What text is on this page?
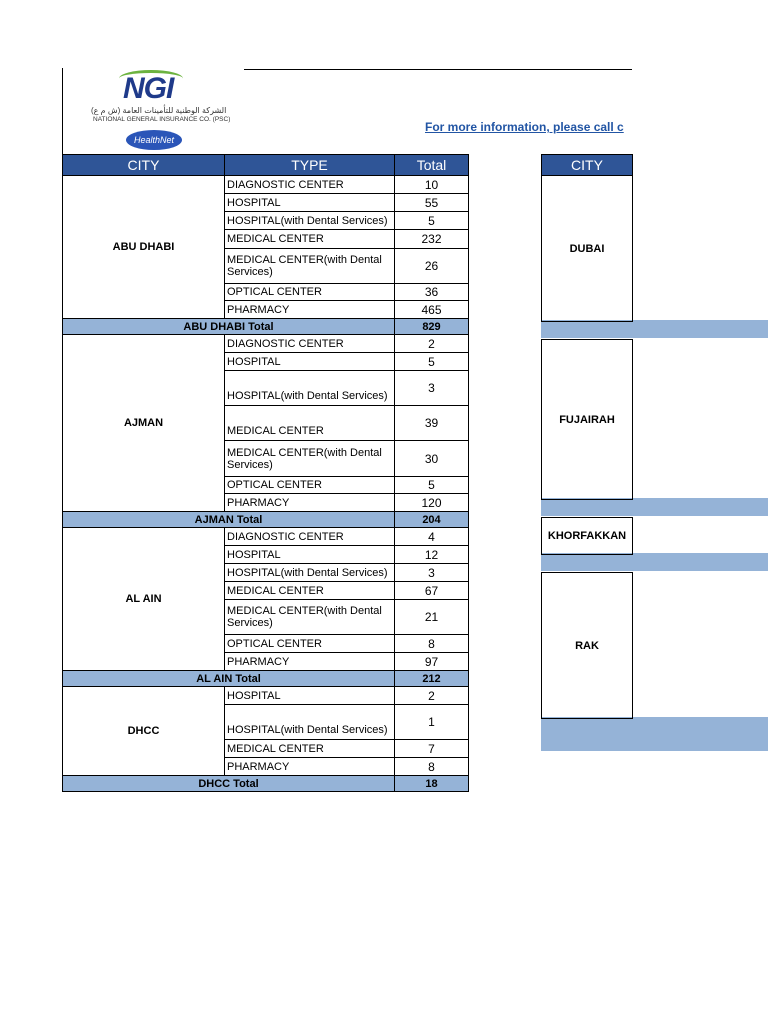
NGI
الشركة الوطنية للتأمينات العامة (ش م ع)
NATIONAL GENERAL INSURANCE CO. (PSC)
HealthNet
For more information, please call c
CITY	TYPE	Total
ABU DHABI	DIAGNOSTIC CENTER	10
	HOSPITAL	55
	HOSPITAL(with Dental Services)	5
	MEDICAL CENTER	232
	MEDICAL CENTER(with Dental Services)	26
	OPTICAL CENTER	36
	PHARMACY	465
ABU DHABI Total		829
AJMAN	DIAGNOSTIC CENTER	2
	HOSPITAL	5
	HOSPITAL(with Dental Services)	3
	MEDICAL CENTER	39
	MEDICAL CENTER(with Dental Services)	30
	OPTICAL CENTER	5
	PHARMACY	120
AJMAN Total		204
AL AIN	DIAGNOSTIC CENTER	4
	HOSPITAL	12
	HOSPITAL(with Dental Services)	3
	MEDICAL CENTER	67
	MEDICAL CENTER(with Dental Services)	21
	OPTICAL CENTER	8
	PHARMACY	97
AL AIN Total		212
DHCC	HOSPITAL	2
	HOSPITAL(with Dental Services)	1
	MEDICAL CENTER	7
	PHARMACY	8
DHCC Total		18
CITY
DUBAI

FUJAIRAH

KHORFAKKAN

RAK
